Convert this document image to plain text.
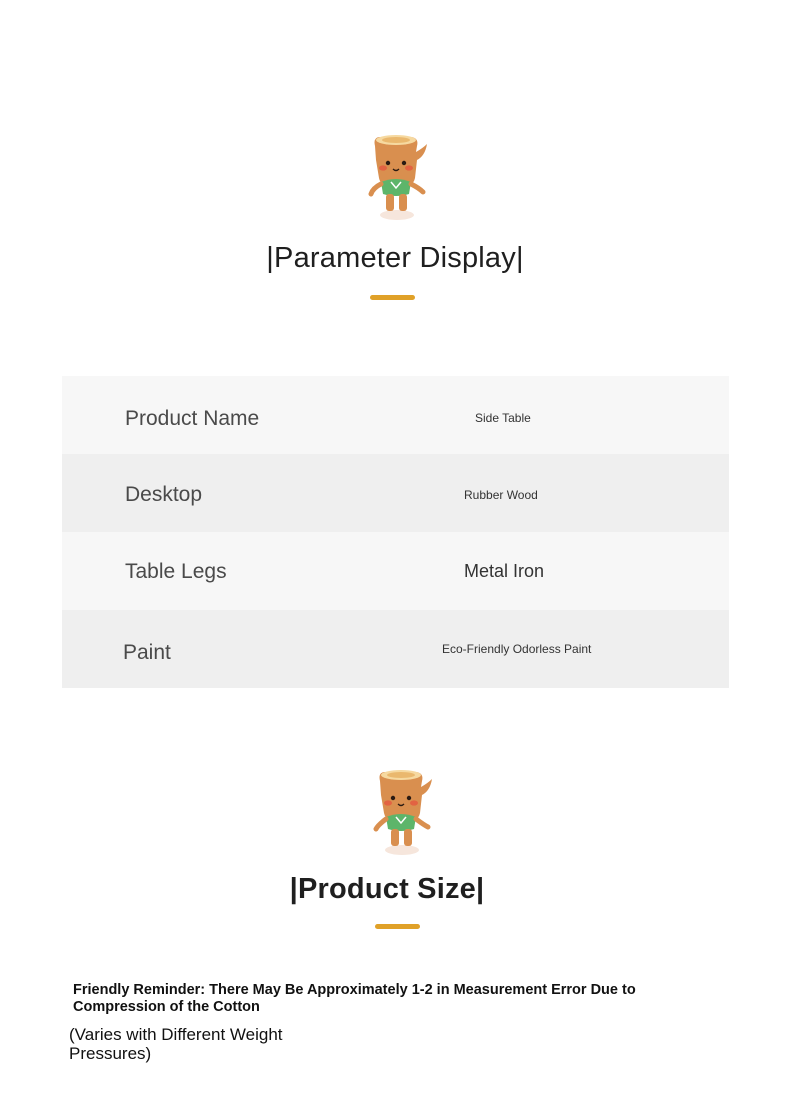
|Parameter Display|
Product Name	Side Table
Desktop	Rubber Wood
Table Legs	Metal Iron
Paint	Eco-Friendly Odorless Paint
|Product Size|
Friendly Reminder: There May Be Approximately 1-2 in Measurement Error Due to Compression of the Cotton
(Varies with Different Weight Pressures)
